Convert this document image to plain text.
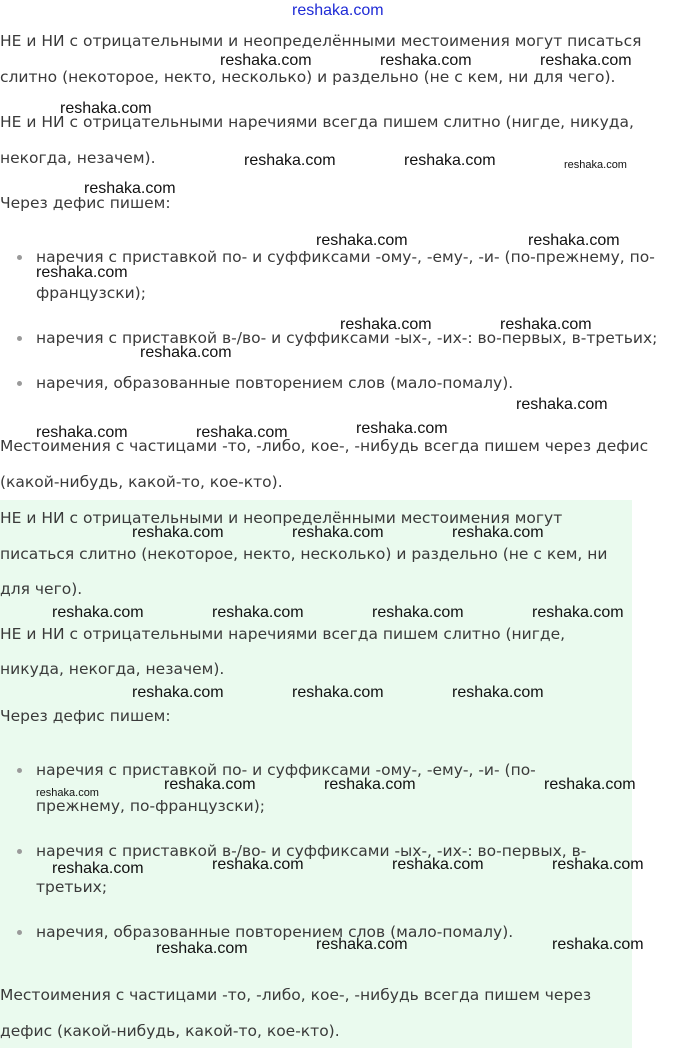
reshaka.com
НЕ и НИ с отрицательными и неопределёнными местоимения могут писаться
слитно (некоторое, некто, несколько) и раздельно (не с кем, ни для чего).
НЕ и НИ с отрицательными наречиями всегда пишем слитно (нигде, никуда,
некогда, незачем).
Через дефис пишем:
наречия с приставкой по- и суффиксами -ому-, -ему-, -и- (по-прежнему, по-
французски);
наречия с приставкой в-/во- и суффиксами -ых-, -их-: во-первых, в-третьих;
наречия, образованные повторением слов (мало-помалу).
Местоимения с частицами -то, -либо, кое-, -нибудь всегда пишем через дефис
(какой-нибудь, какой-то, кое-кто).
НЕ и НИ с отрицательными и неопределёнными местоимения могут
писаться слитно (некоторое, некто, несколько) и раздельно (не с кем, ни
для чего).
НЕ и НИ с отрицательными наречиями всегда пишем слитно (нигде,
никуда, некогда, незачем).
Через дефис пишем:
наречия с приставкой по- и суффиксами -ому-, -ему-, -и- (по-
прежнему, по-французски);
наречия с приставкой в-/во- и суффиксами -ых-, -их-: во-первых, в-
третьих;
наречия, образованные повторением слов (мало-помалу).
Местоимения с частицами -то, -либо, кое-, -нибудь всегда пишем через
дефис (какой-нибудь, какой-то, кое-кто).
reshaka.com	reshaka.com	reshaka.com
reshaka.com
reshaka.com	reshaka.com	reshaka.com
reshaka.com
reshaka.com	reshaka.com
reshaka.com
reshaka.com	reshaka.com
reshaka.com
reshaka.com
reshaka.com	reshaka.com	reshaka.com
reshaka.com	reshaka.com	reshaka.com
reshaka.com	reshaka.com	reshaka.com	reshaka.com
reshaka.com	reshaka.com	reshaka.com
reshaka.com	reshaka.com	reshaka.com
reshaka.com
reshaka.com	reshaka.com	reshaka.com
reshaka.com
reshaka.com	reshaka.com
reshaka.com
